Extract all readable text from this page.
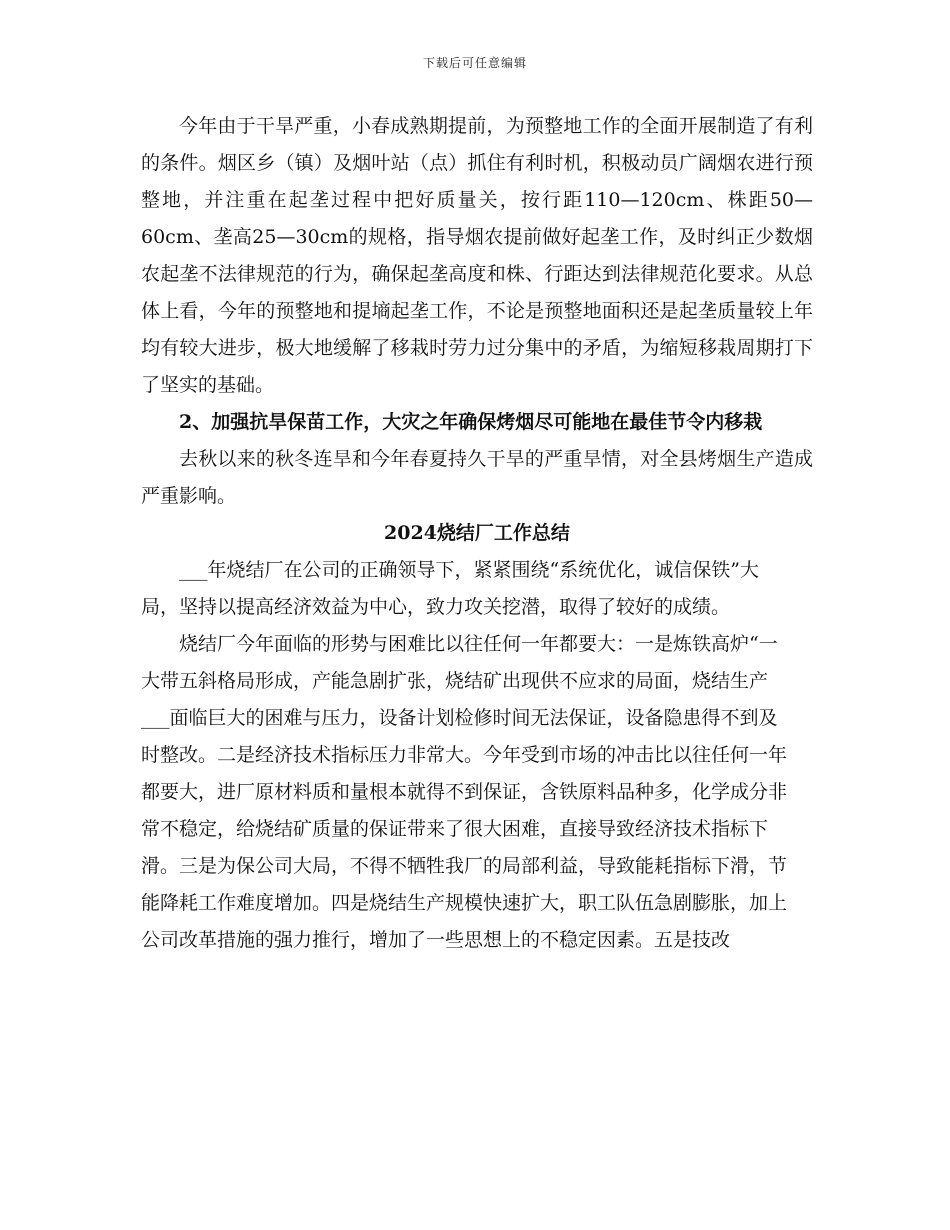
下载后可任意编辑

今年由于干旱严重，小春成熟期提前，为预整地工作的全面开展制造了有利的条件。烟区乡（镇）及烟叶站（点）抓住有利时机，积极动员广阔烟农进行预整地，并注重在起垄过程中把好质量关，按行距110—120cm、株距50—60cm、垄高25—30cm的规格，指导烟农提前做好起垄工作，及时纠正少数烟农起垄不法律规范的行为，确保起垄高度和株、行距达到法律规范化要求。从总体上看，今年的预整地和提墒起垄工作，不论是预整地面积还是起垄质量较上年均有较大进步，极大地缓解了移栽时劳力过分集中的矛盾，为缩短移栽周期打下了坚实的基础。

2、加强抗旱保苗工作，大灾之年确保烤烟尽可能地在最佳节令内移栽

去秋以来的秋冬连旱和今年春夏持久干旱的严重旱情，对全县烤烟生产造成严重影响。

2024烧结厂工作总结

___年烧结厂在公司的正确领导下，紧紧围绕“系统优化，诚信保铁”大局，坚持以提高经济效益为中心，致力攻关挖潜，取得了较好的成绩。

烧结厂今年面临的形势与困难比以往任何一年都要大：一是炼铁高炉“一大带五斜格局形成，产能急剧扩张，烧结矿出现供不应求的局面，烧结生产___面临巨大的困难与压力，设备计划检修时间无法保证，设备隐患得不到及时整改。二是经济技术指标压力非常大。今年受到市场的冲击比以往任何一年都要大，进厂原材料质和量根本就得不到保证，含铁原料品种多，化学成分非常不稳定，给烧结矿质量的保证带来了很大困难，直接导致经济技术指标下滑。三是为保公司大局，不得不牺牲我厂的局部利益，导致能耗指标下滑，节能降耗工作难度增加。四是烧结生产规模快速扩大，职工队伍急剧膨胀，加上公司改革措施的强力推行，增加了一些思想上的不稳定因素。五是技改
